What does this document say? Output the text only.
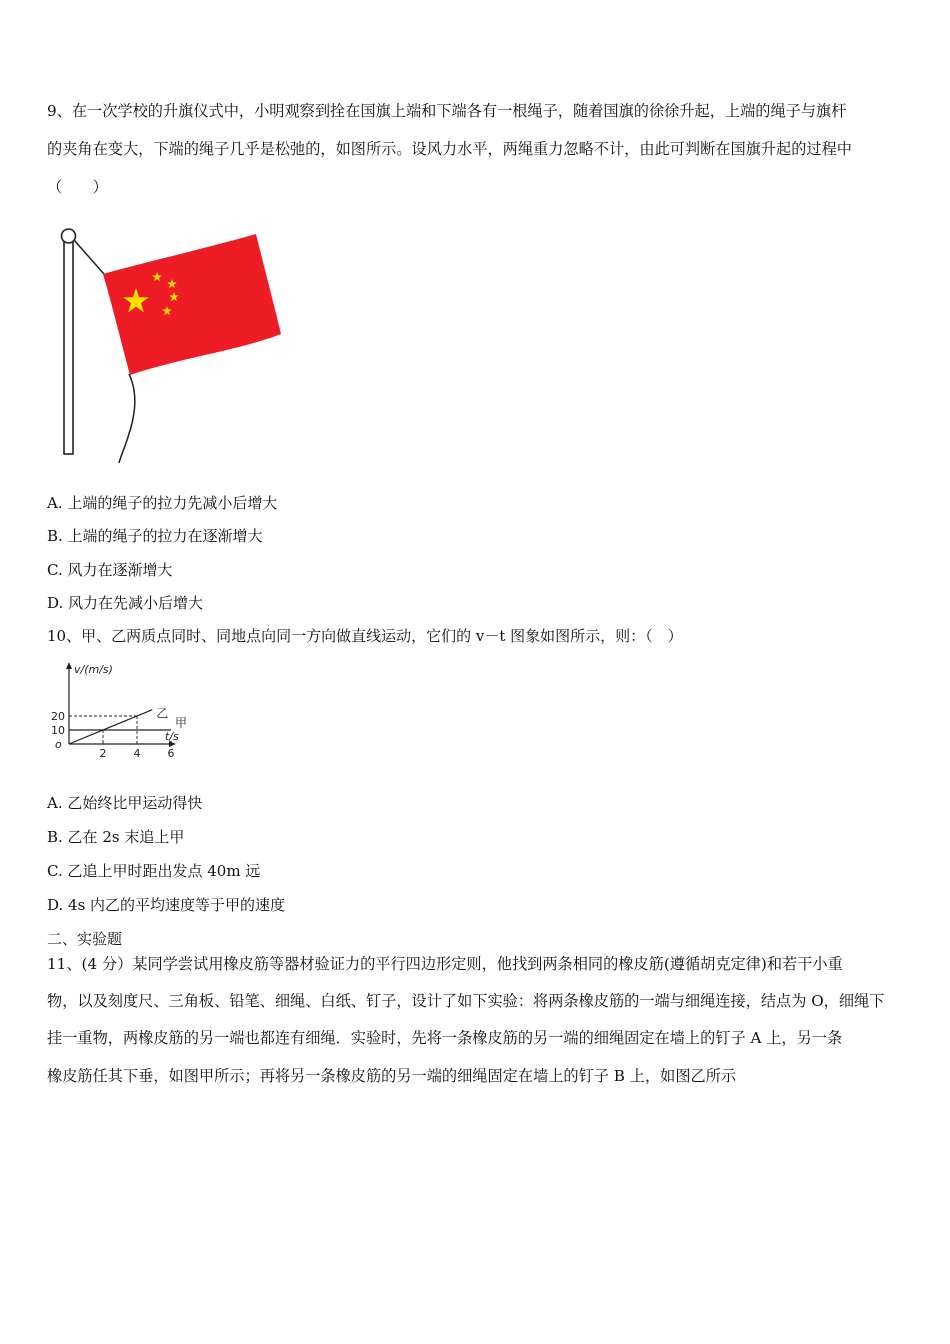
9、在一次学校的升旗仪式中，小明观察到拴在国旗上端和下端各有一根绳子，随着国旗的徐徐升起，上端的绳子与旗杆

的夹角在变大，下端的绳子几乎是松弛的，如图所示。设风力水平，两绳重力忽略不计，由此可判断在国旗升起的过程中

（　　）

A. 上端的绳子的拉力先减小后增大

B. 上端的绳子的拉力在逐渐增大

C. 风力在逐渐增大

D. 风力在先减小后增大

10、甲、乙两质点同时、同地点向同一方向做直线运动，它们的 v－t 图象如图所示，则：（　）

v/(m/s)
t/s
o
2 4 6
10
20	甲
乙

A. 乙始终比甲运动得快

B. 乙在 2s 末追上甲

C. 乙追上甲时距出发点 40m 远

D. 4s 内乙的平均速度等于甲的速度

二、实验题

11、(4 分）某同学尝试用橡皮筋等器材验证力的平行四边形定则，他找到两条相同的橡皮筋(遵循胡克定律)和若干小重

物，以及刻度尺、三角板、铅笔、细绳、白纸、钉子，设计了如下实验：将两条橡皮筋的一端与细绳连接，结点为 O，细绳下

挂一重物，两橡皮筋的另一端也都连有细绳．实验时，先将一条橡皮筋的另一端的细绳固定在墙上的钉子 A 上，另一条

橡皮筋任其下垂，如图甲所示；再将另一条橡皮筋的另一端的细绳固定在墙上的钉子 B 上，如图乙所示
